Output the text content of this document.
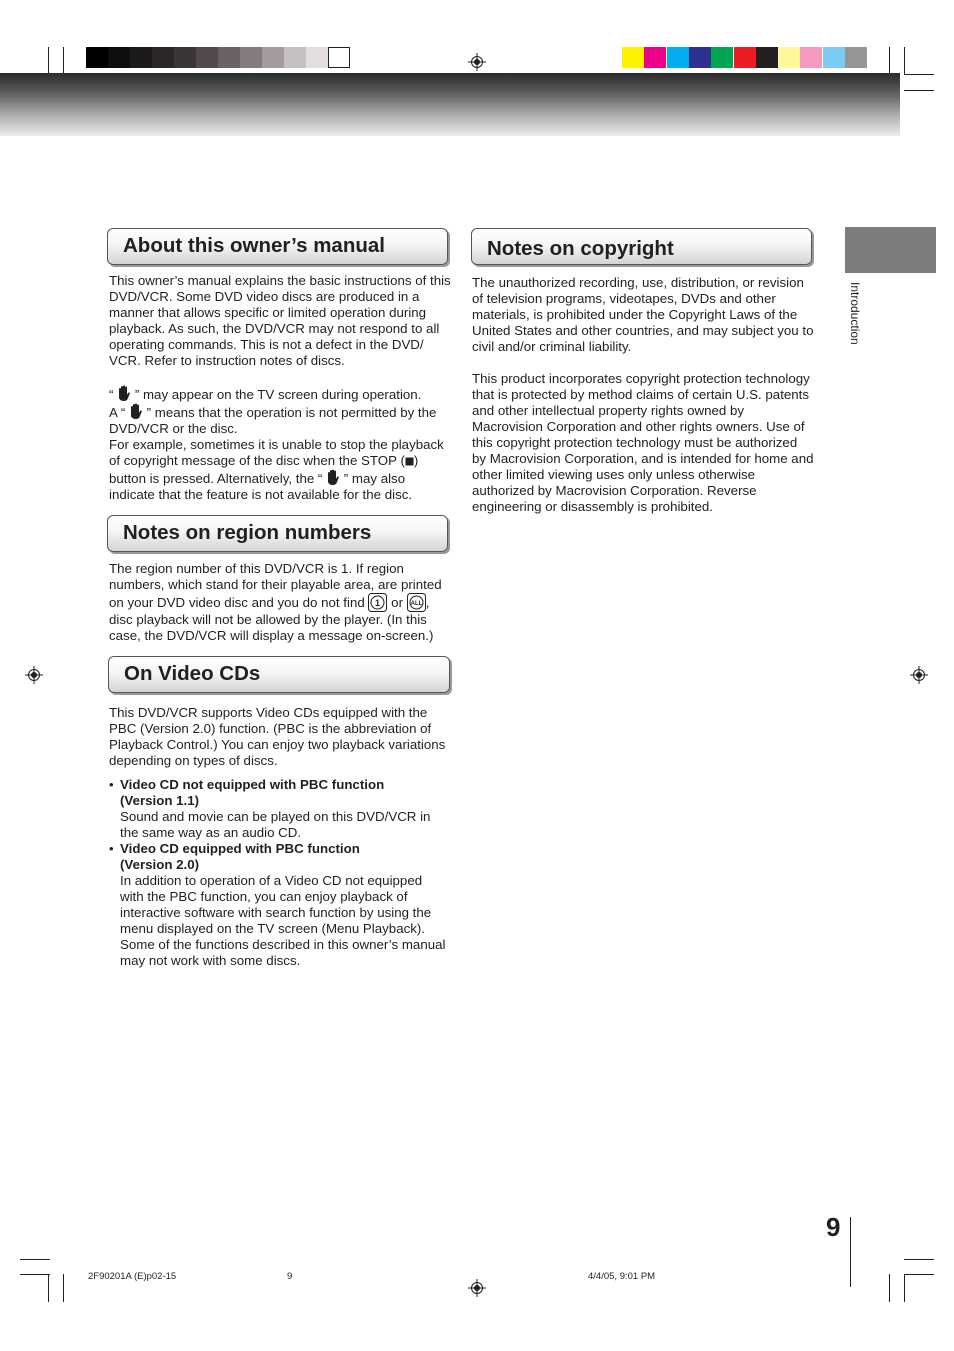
Introduction
About this owner’s manual

This owner’s manual explains the basic instructions of this DVD/VCR. Some DVD video discs are produced in a manner that allows specific or limited operation during playback. As such, the DVD/VCR may not respond to all operating commands. This is not a defect in the DVD/ VCR. Refer to instruction notes of discs.

“ ” may appear on the TV screen during operation.

A “ ” means that the operation is not permitted by the DVD/VCR or the disc.

For example, sometimes it is unable to stop the playback of copyright message of the disc when the STOP ( ) button is pressed. Alternatively, the “ ” may also indicate that the feature is not available for the disc.

Notes on region numbers

The region number of this DVD/VCR is 1. If region numbers, which stand for their playable area, are printed on your DVD video disc and you do not find 1 or ALL , disc playback will not be allowed by the player. (In this case, the DVD/VCR will display a message on-screen.)

On Video CDs

This DVD/VCR supports Video CDs equipped with the PBC (Version 2.0) function. (PBC is the abbreviation of Playback Control.) You can enjoy two playback variations depending on types of discs.

• Video CD not equipped with PBC function (Version 1.1)
Sound and movie can be played on this DVD/VCR in the same way as an audio CD.
• Video CD equipped with PBC function (Version 2.0)
In addition to operation of a Video CD not equipped with the PBC function, you can enjoy playback of interactive software with search function by using the menu displayed on the TV screen (Menu Playback). Some of the functions described in this owner’s manual may not work with some discs.
Notes on copyright

The unauthorized recording, use, distribution, or revision of television programs, videotapes, DVDs and other materials, is prohibited under the Copyright Laws of the United States and other countries, and may subject you to civil and/or criminal liability.

This product incorporates copyright protection technology that is protected by method claims of certain U.S. patents and other intellectual property rights owned by Macrovision Corporation and other rights owners. Use of this copyright protection technology must be authorized by Macrovision Corporation, and is intended for home and other limited viewing uses only unless otherwise authorized by Macrovision Corporation. Reverse engineering or disassembly is prohibited.

9
2F90201A (E)p02-15	9	4/4/05, 9:01 PM
